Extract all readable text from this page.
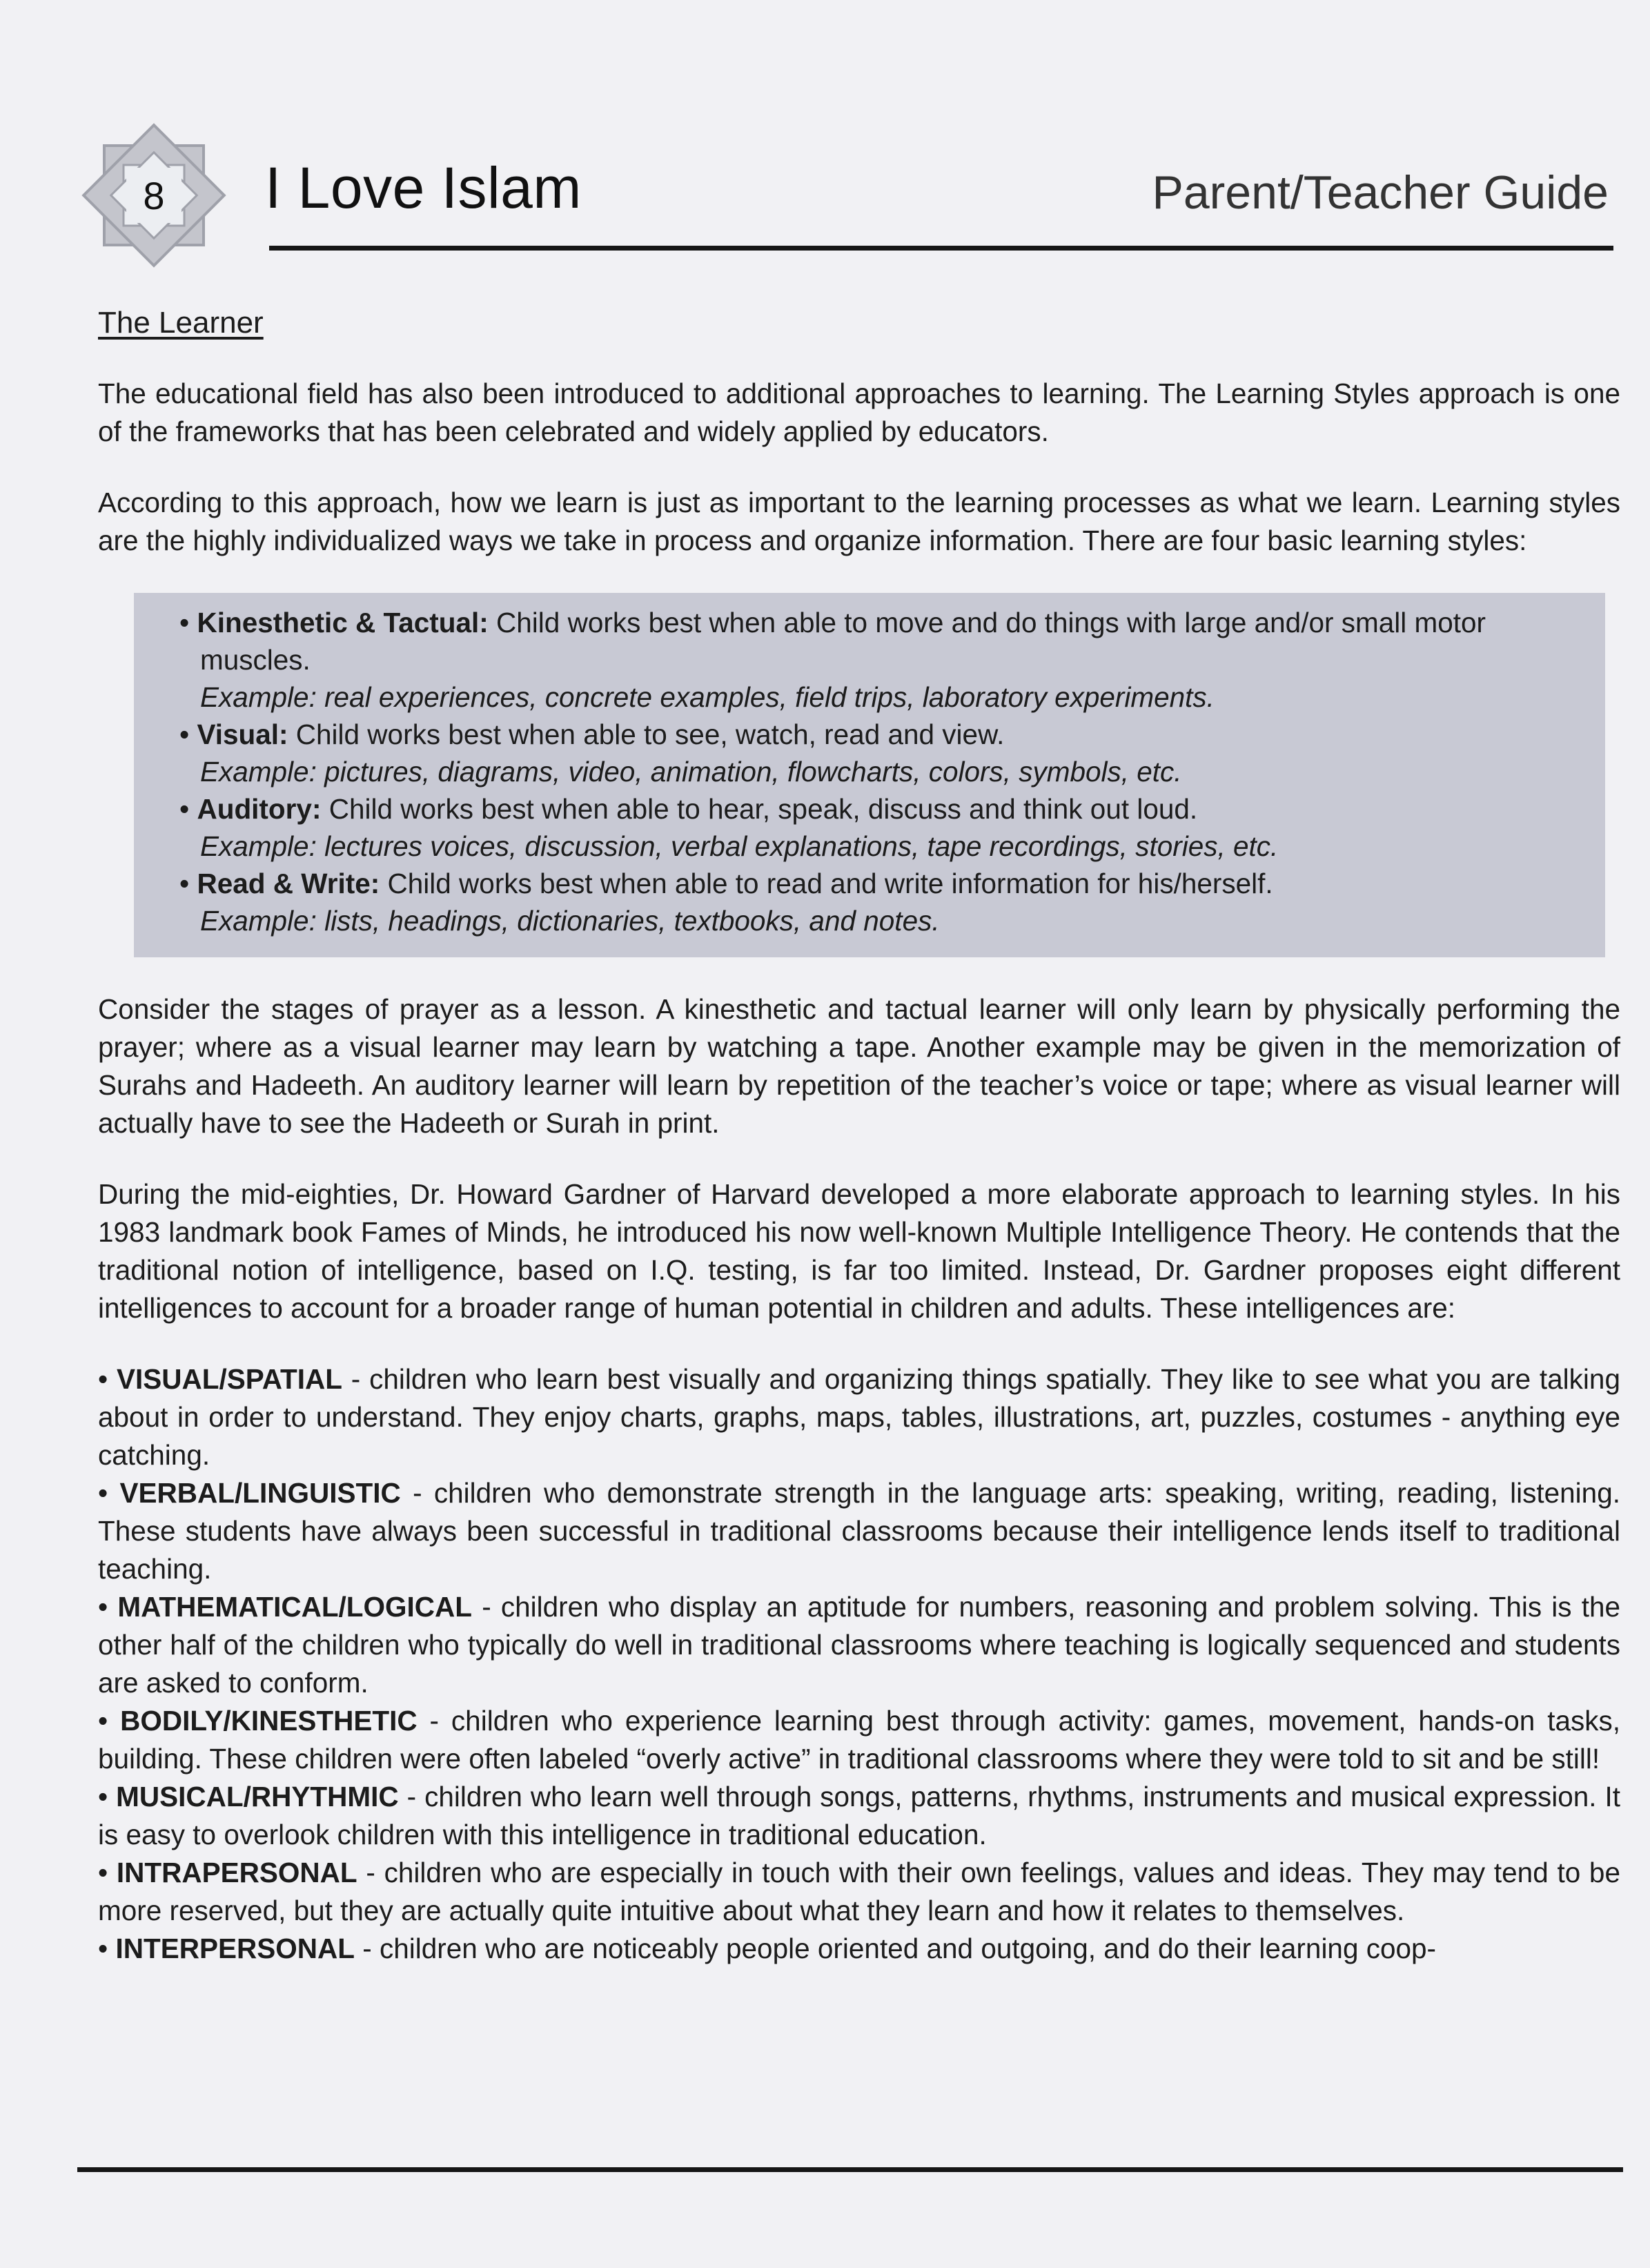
8	I Love Islam	Parent/Teacher Guide

The Learner

The educational field has also been introduced to additional approaches to learning. The Learning Styles approach is one of the frameworks that has been celebrated and widely applied by educators.

According to this approach, how we learn is just as important to the learning processes as what we learn. Learning styles are the highly individualized ways we take in process and organize information. There are four basic learning styles:

• Kinesthetic & Tactual: Child works best when able to move and do things with large and/or small motor muscles.

Example: real experiences, concrete examples, field trips, laboratory experiments.

• Visual: Child works best when able to see, watch, read and view.

Example: pictures, diagrams, video, animation, flowcharts, colors, symbols, etc.

• Auditory: Child works best when able to hear, speak, discuss and think out loud.

Example: lectures voices, discussion, verbal explanations, tape recordings, stories, etc.

• Read & Write: Child works best when able to read and write information for his/herself.

Example: lists, headings, dictionaries, textbooks, and notes.

Consider the stages of prayer as a lesson. A kinesthetic and tactual learner will only learn by physically performing the prayer; where as a visual learner may learn by watching a tape. Another example may be given in the memorization of Surahs and Hadeeth. An auditory learner will learn by repetition of the teacher’s voice or tape; where as visual learner will actually have to see the Hadeeth or Surah in print.

During the mid-eighties, Dr. Howard Gardner of Harvard developed a more elaborate approach to learning styles. In his 1983 landmark book Fames of Minds, he introduced his now well-known Multiple Intelligence Theory. He contends that the traditional notion of intelligence, based on I.Q. testing, is far too limited. Instead, Dr. Gardner proposes eight different intelligences to account for a broader range of human potential in children and adults. These intelligences are:

• VISUAL/SPATIAL - children who learn best visually and organizing things spatially. They like to see what you are talking about in order to understand. They enjoy charts, graphs, maps, tables, illustrations, art, puzzles, costumes - anything eye catching.

• VERBAL/LINGUISTIC - children who demonstrate strength in the language arts: speaking, writing, reading, listening. These students have always been successful in traditional classrooms because their intelligence lends itself to traditional teaching.

• MATHEMATICAL/LOGICAL - children who display an aptitude for numbers, reasoning and problem solving. This is the other half of the children who typically do well in traditional classrooms where teaching is logically sequenced and students are asked to conform.

• BODILY/KINESTHETIC - children who experience learning best through activity: games, movement, hands-on tasks, building. These children were often labeled “overly active” in traditional classrooms where they were told to sit and be still!

• MUSICAL/RHYTHMIC - children who learn well through songs, patterns, rhythms, instruments and musical expression. It is easy to overlook children with this intelligence in traditional education.

• INTRAPERSONAL - children who are especially in touch with their own feelings, values and ideas. They may tend to be more reserved, but they are actually quite intuitive about what they learn and how it relates to themselves.

• INTERPERSONAL - children who are noticeably people oriented and outgoing, and do their learning coop-
